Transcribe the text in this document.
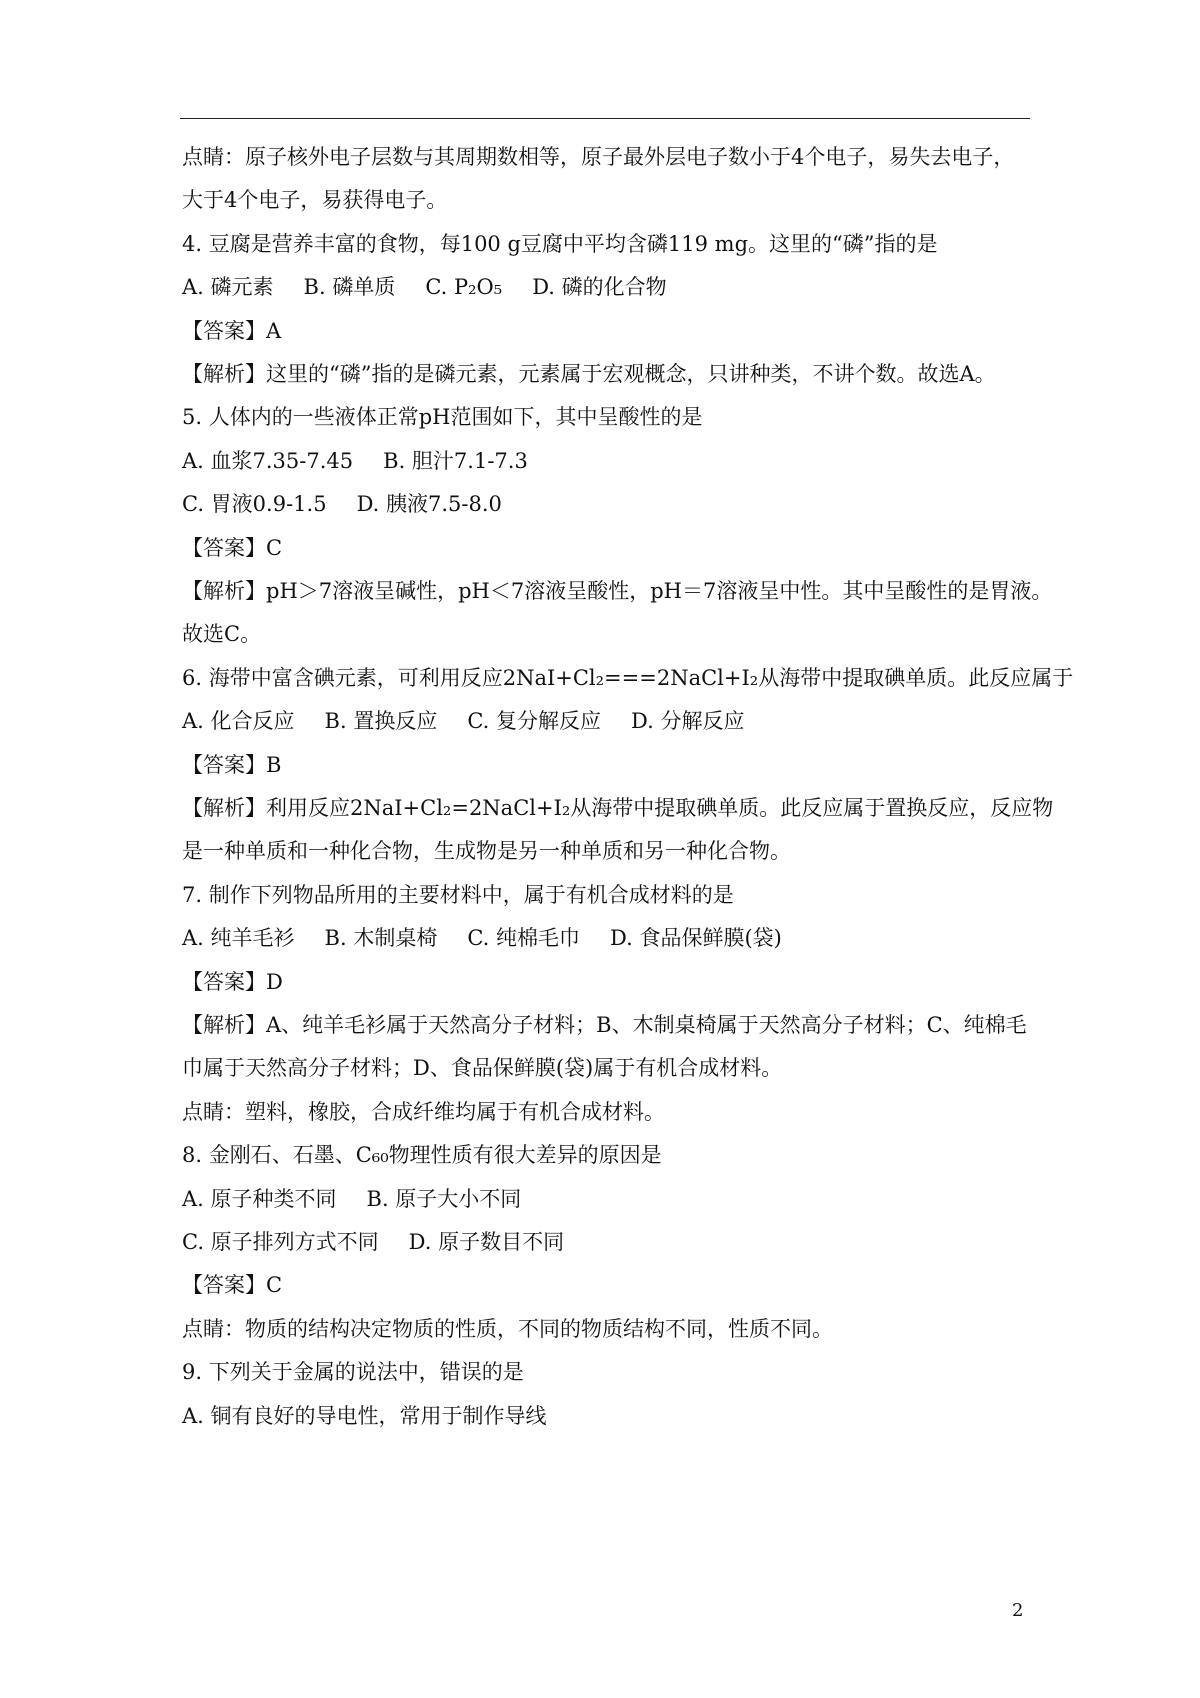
点睛：原子核外电子层数与其周期数相等，原子最外层电子数小于4个电子，易失去电子，
大于4个电子，易获得电子。
4. 豆腐是营养丰富的食物，每100 g豆腐中平均含磷119 mg。这里的“磷”指的是
A. 磷元素 B. 磷单质 C. P₂O₅ D. 磷的化合物
【答案】A
【解析】这里的“磷”指的是磷元素，元素属于宏观概念，只讲种类，不讲个数。故选A。
5. 人体内的一些液体正常pH范围如下，其中呈酸性的是
A. 血浆7.35-7.45 B. 胆汁7.1-7.3
C. 胃液0.9-1.5 D. 胰液7.5-8.0
【答案】C
【解析】pH＞7溶液呈碱性，pH＜7溶液呈酸性，pH＝7溶液呈中性。其中呈酸性的是胃液。
故选C。
6. 海带中富含碘元素，可利用反应2NaI+Cl₂===2NaCl+I₂从海带中提取碘单质。此反应属于
A. 化合反应 B. 置换反应 C. 复分解反应 D. 分解反应
【答案】B
【解析】利用反应2NaI+Cl₂=2NaCl+I₂从海带中提取碘单质。此反应属于置换反应，反应物
是一种单质和一种化合物，生成物是另一种单质和另一种化合物。
7. 制作下列物品所用的主要材料中，属于有机合成材料的是
A. 纯羊毛衫 B. 木制桌椅 C. 纯棉毛巾 D. 食品保鲜膜(袋)
【答案】D
【解析】A、纯羊毛衫属于天然高分子材料；B、木制桌椅属于天然高分子材料；C、纯棉毛
巾属于天然高分子材料；D、食品保鲜膜(袋)属于有机合成材料。
点睛：塑料，橡胶，合成纤维均属于有机合成材料。
8. 金刚石、石墨、C₆₀物理性质有很大差异的原因是
A. 原子种类不同 B. 原子大小不同
C. 原子排列方式不同 D. 原子数目不同
【答案】C
点睛：物质的结构决定物质的性质，不同的物质结构不同，性质不同。
9. 下列关于金属的说法中，错误的是
A. 铜有良好的导电性，常用于制作导线
2
